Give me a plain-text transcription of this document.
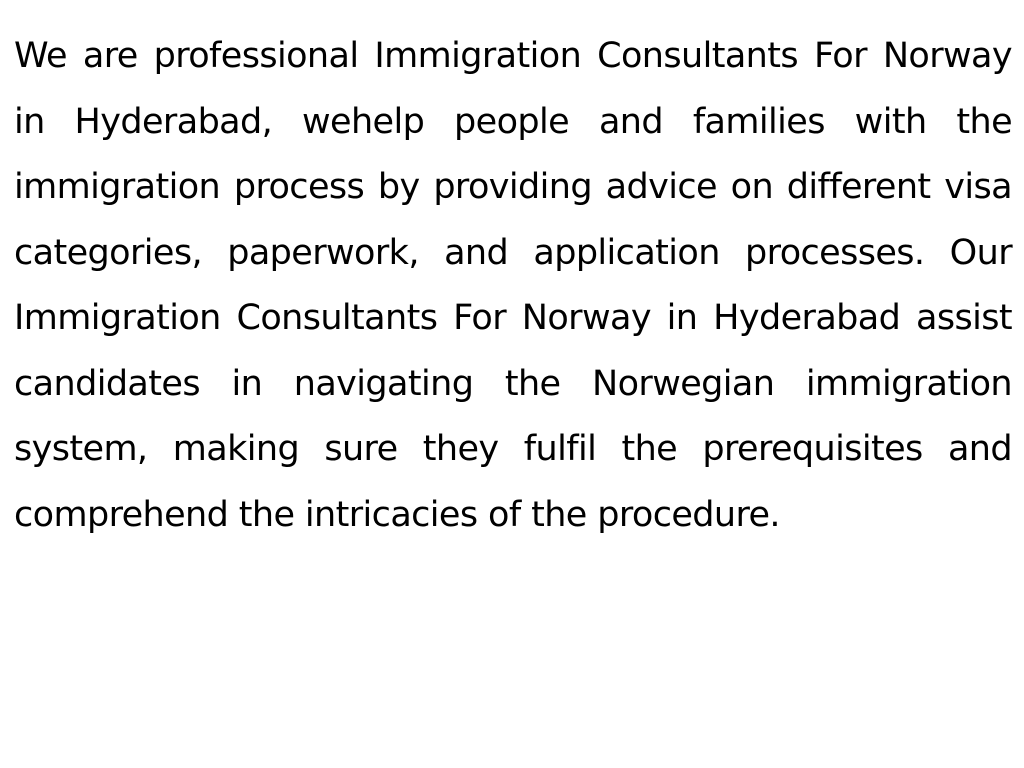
We are professional Immigration Consultants For Norway in Hyderabad, wehelp people and families with the immigration process by providing advice on different visa categories, paperwork, and application processes. Our Immigration Consultants For Norway in Hyderabad assist candidates in navigating the Norwegian immigration system, making sure they fulfil the prerequisites and comprehend the intricacies of the procedure.
